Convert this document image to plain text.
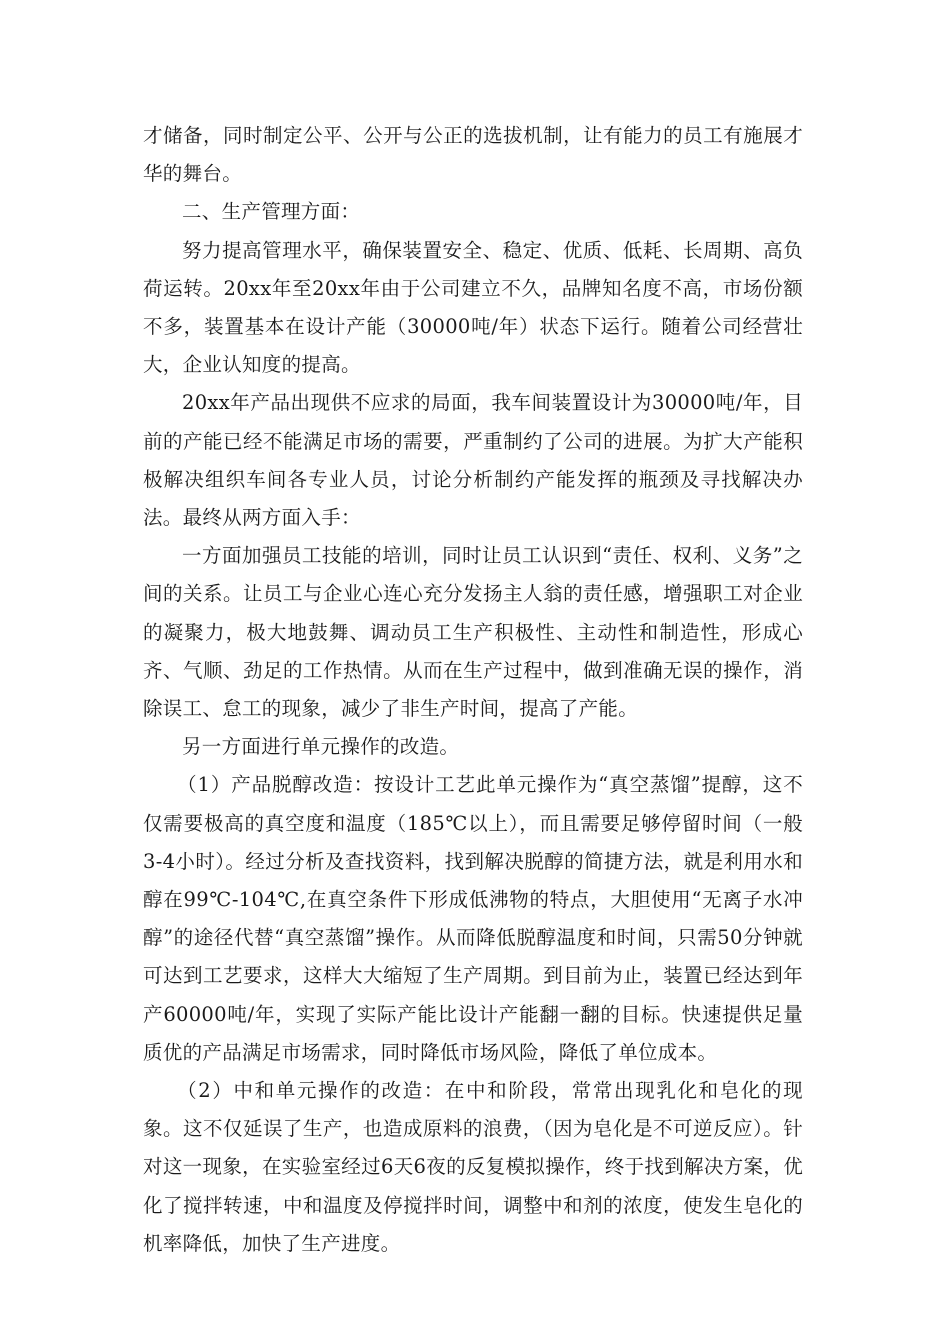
才储备，同时制定公平、公开与公正的选拔机制，让有能力的员工有施展才华的舞台。

二、生产管理方面：

努力提高管理水平，确保装置安全、稳定、优质、低耗、长周期、高负荷运转。20xx年至20xx年由于公司建立不久，品牌知名度不高，市场份额不多，装置基本在设计产能（30000吨/年）状态下运行。随着公司经营壮大，企业认知度的提高。

20xx年产品出现供不应求的局面，我车间装置设计为30000吨/年，目前的产能已经不能满足市场的需要，严重制约了公司的进展。为扩大产能积极解决组织车间各专业人员，讨论分析制约产能发挥的瓶颈及寻找解决办法。最终从两方面入手：

一方面加强员工技能的培训，同时让员工认识到“责任、权利、义务”之间的关系。让员工与企业心连心充分发扬主人翁的责任感，增强职工对企业的凝聚力，极大地鼓舞、调动员工生产积极性、主动性和制造性，形成心齐、气顺、劲足的工作热情。从而在生产过程中，做到准确无误的操作，消除误工、怠工的现象，减少了非生产时间，提高了产能。

另一方面进行单元操作的改造。

（1）产品脱醇改造：按设计工艺此单元操作为“真空蒸馏”提醇，这不仅需要极高的真空度和温度（185℃以上），而且需要足够停留时间（一般3-4小时）。经过分析及查找资料，找到解决脱醇的简捷方法，就是利用水和醇在99℃-104℃,在真空条件下形成低沸物的特点，大胆使用“无离子水冲醇”的途径代替“真空蒸馏”操作。从而降低脱醇温度和时间，只需50分钟就可达到工艺要求，这样大大缩短了生产周期。到目前为止，装置已经达到年产60000吨/年，实现了实际产能比设计产能翻一翻的目标。快速提供足量质优的产品满足市场需求，同时降低市场风险，降低了单位成本。

（2）中和单元操作的改造：在中和阶段，常常出现乳化和皂化的现象。这不仅延误了生产，也造成原料的浪费，（因为皂化是不可逆反应）。针对这一现象，在实验室经过6天6夜的反复模拟操作，终于找到解决方案，优化了搅拌转速，中和温度及停搅拌时间，调整中和剂的浓度，使发生皂化的机率降低，加快了生产进度。
